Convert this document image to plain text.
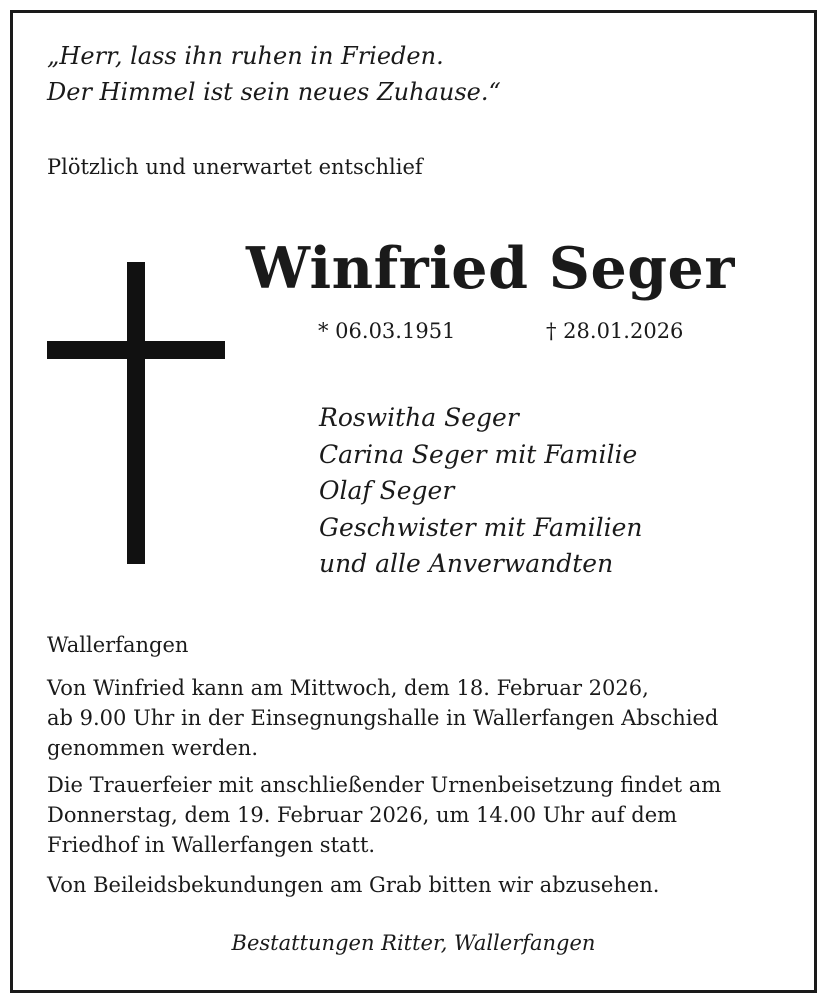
„Herr, lass ihn ruhen in Frieden.
Der Himmel ist sein neues Zuhause.“
Plötzlich und unerwartet entschlief
Winfried Seger
* 06.03.1951	† 28.01.2026
Roswitha Seger
Carina Seger mit Familie
Olaf Seger
Geschwister mit Familien
und alle Anverwandten
Wallerfangen
Von Winfried kann am Mittwoch, dem 18. Februar 2026,
ab 9.00 Uhr in der Einsegnungshalle in Wallerfangen Abschied
genommen werden.
Die Trauerfeier mit anschließender Urnenbeisetzung findet am
Donnerstag, dem 19. Februar 2026, um 14.00 Uhr auf dem
Friedhof in Wallerfangen statt.
Von Beileidsbekundungen am Grab bitten wir abzusehen.
Bestattungen Ritter, Wallerfangen
